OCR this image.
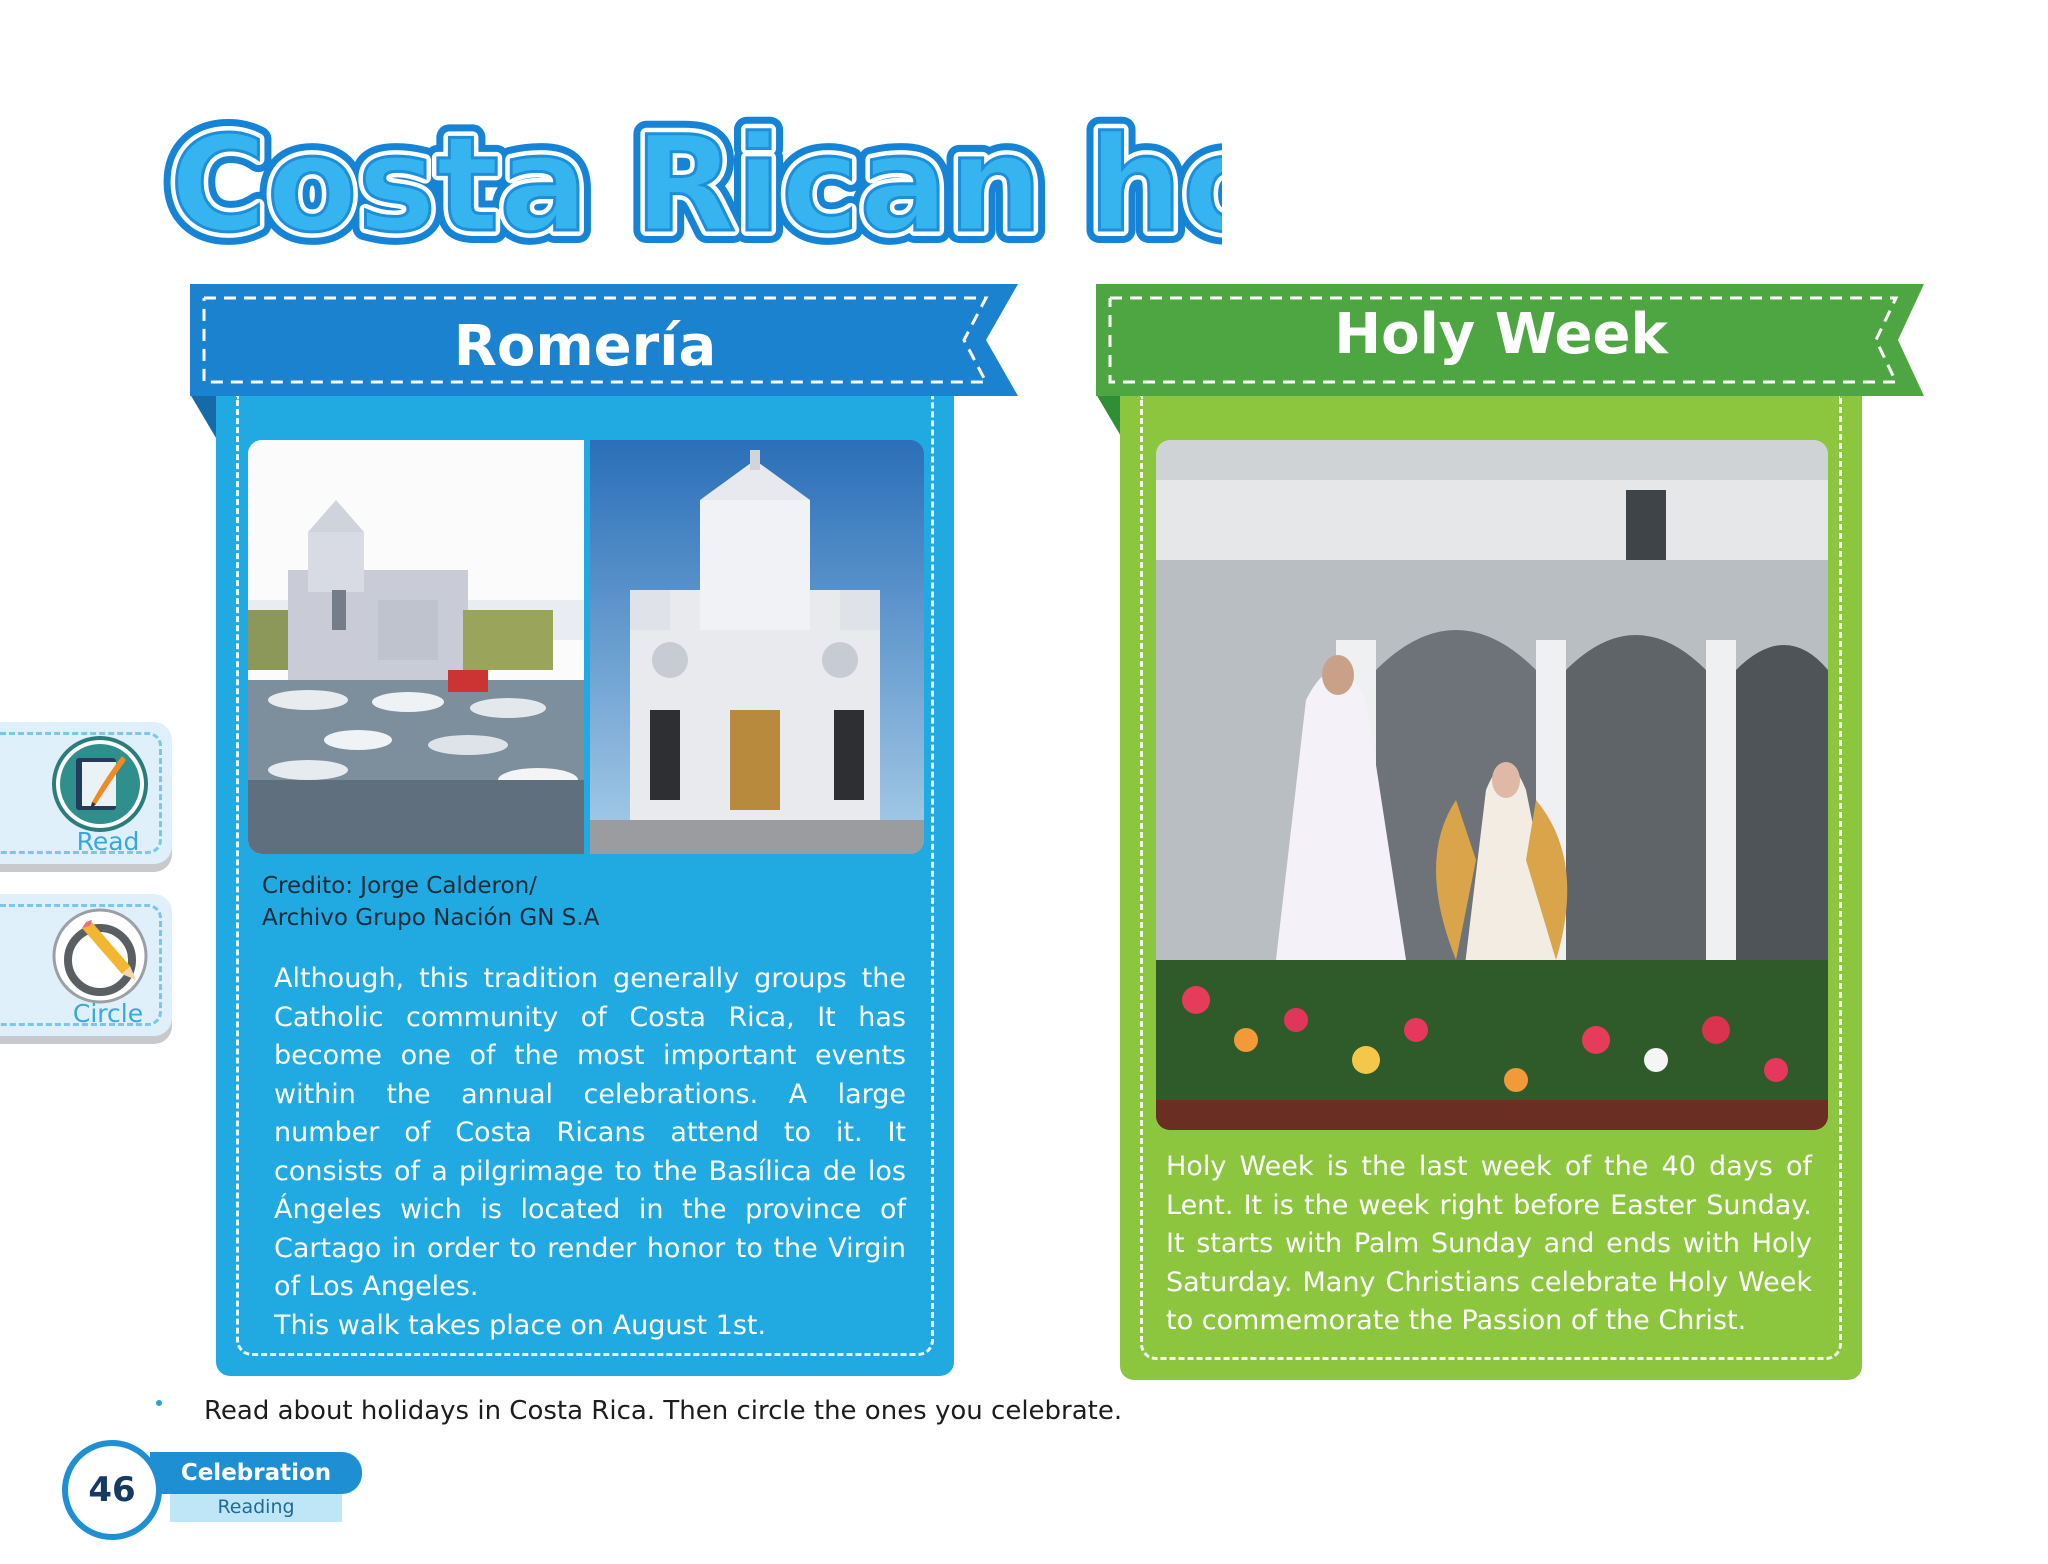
Costa Rican h
Costa Rican h
Costa Rican h
Read
Circle
Romería
Credito: Jorge Calderon/
Archivo Grupo Nación GN S.A
Although, this tradition generally groups the Catholic community of Costa Rica, It has become one of the most important events within the annual celebrations. A large number of Costa Ricans attend to it. It consists of a pilgrimage to the Basílica de los Ángeles wich is located in the province of Cartago in order to render honor to the Virgin of Los Angeles.
This walk takes place on August 1st.
Holy Week
Holy Week is the last week of the 40 days of Lent. It is the week right before Easter Sunday. It starts with Palm Sunday and ends with Holy Saturday. Many Christians celebrate Holy Week to commemorate the Passion of the Christ.
Read about holidays in Costa Rica. Then circle the ones you celebrate.
Reading
Celebration
46
